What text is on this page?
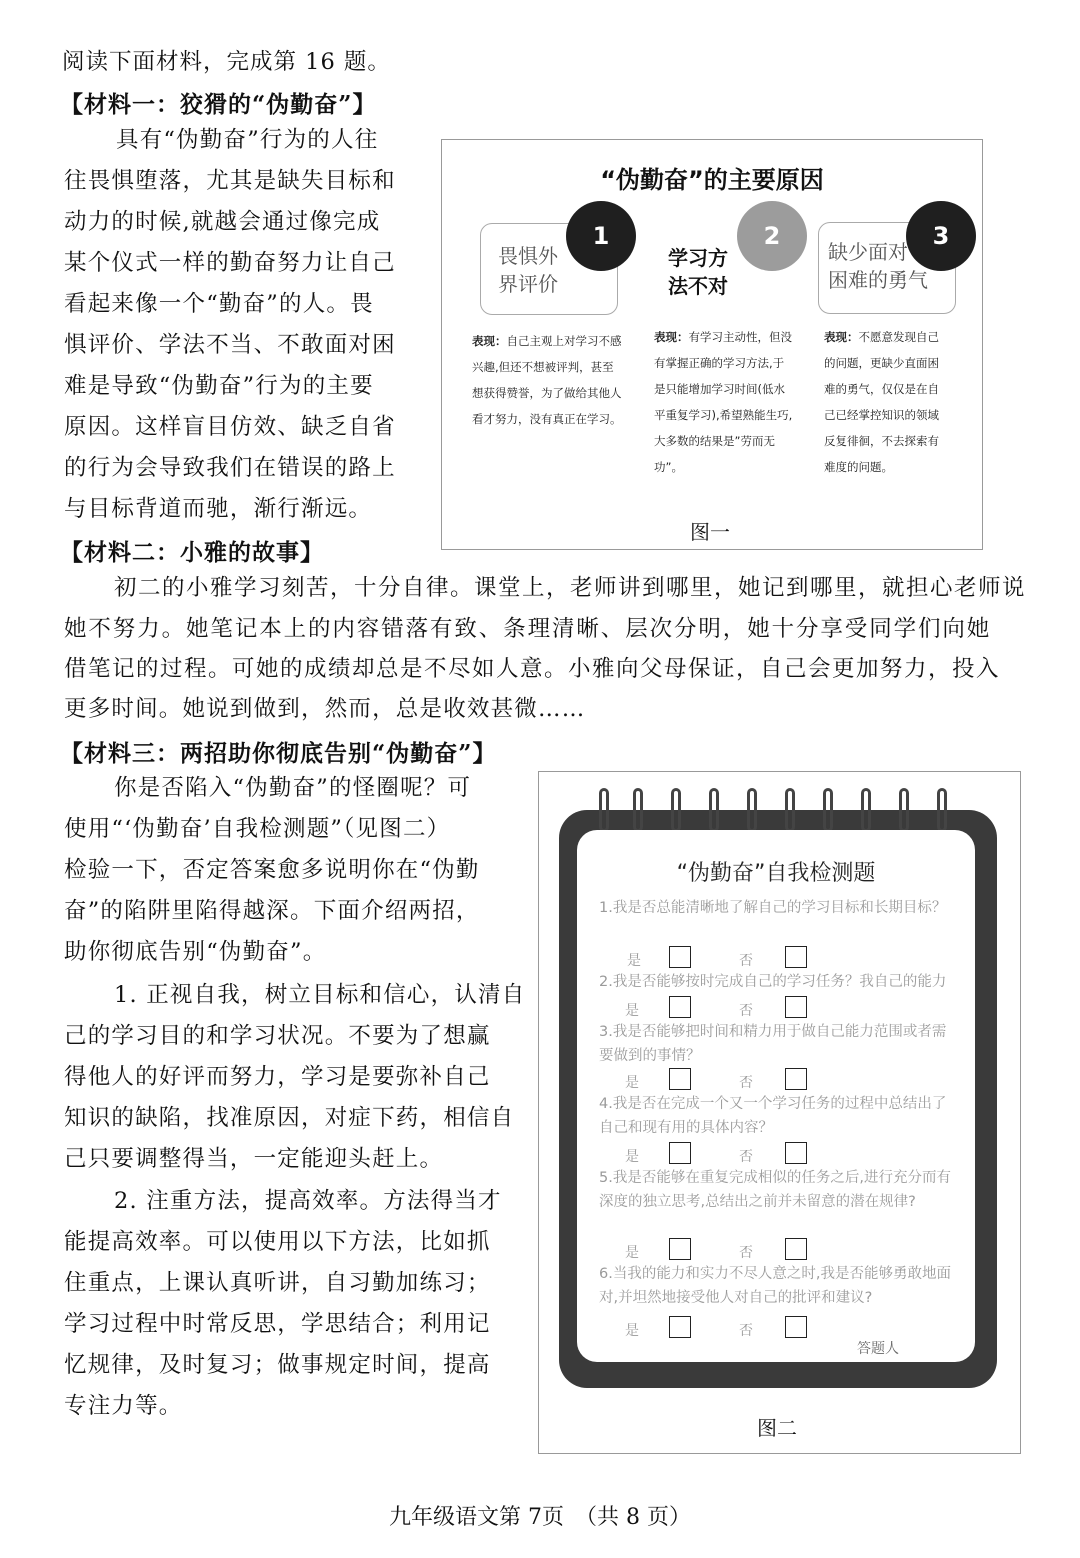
阅读下面材料，完成第 16 题。
【材料一：狡猾的“伪勤奋”】
具有“伪勤奋”行为的人往
往畏惧堕落，尤其是缺失目标和
动力的时候,就越会通过像完成
某个仪式一样的勤奋努力让自己
看起来像一个“勤奋”的人。畏
惧评价、学法不当、不敢面对困
难是导致“伪勤奋”行为的主要
原因。这样盲目仿效、缺乏自省
的行为会导致我们在错误的路上
与目标背道而驰，渐行渐远。
“伪勤奋”的主要原因
畏惧外
界评价
1
表现：自己主观上对学习不感兴趣,但还不想被评判，甚至想获得赞誉，为了做给其他人看才努力，没有真正在学习。
学习方
法不对
2
表现：有学习主动性，但没有掌握正确的学习方法,于是只能增加学习时间(低水平重复学习),希望熟能生巧,大多数的结果是”劳而无功”。
缺少面对
困难的勇气
3
表现：不愿意发现自己的问题，更缺少直面困难的勇气，仅仅是在自己已经掌控知识的领域反复徘徊，不去探索有难度的问题。
图一
【材料二：小雅的故事】
初二的小雅学习刻苦，十分自律。课堂上，老师讲到哪里，她记到哪里，就担心老师说
她不努力。她笔记本上的内容错落有致、条理清晰、层次分明，她十分享受同学们向她
借笔记的过程。可她的成绩却总是不尽如人意。小雅向父母保证，自己会更加努力，投入
更多时间。她说到做到，然而，总是收效甚微……
【材料三：两招助你彻底告别“伪勤奋”】
你是否陷入“伪勤奋”的怪圈呢？可
使用“‘伪勤奋’自我检测题”（见图二）
检验一下，否定答案愈多说明你在“伪勤
奋”的陷阱里陷得越深。下面介绍两招，
助你彻底告别“伪勤奋”。
1. 正视自我，树立目标和信心，认清自
己的学习目的和学习状况。不要为了想赢
得他人的好评而努力，学习是要弥补自己
知识的缺陷，找准原因，对症下药，相信自
己只要调整得当，一定能迎头赶上。
2. 注重方法，提高效率。方法得当才
能提高效率。可以使用以下方法，比如抓
住重点，上课认真听讲，自习勤加练习；
学习过程中时常反思，学思结合；利用记
忆规律，及时复习；做事规定时间，提高
专注力等。
“伪勤奋”自我检测题
1.我是否总能清晰地了解自己的学习目标和长期目标？
是	否
2.我是否能够按时完成自己的学习任务？我自己的能力
是	否
3.我是否能够把时间和精力用于做自己能力范围或者需要做到的事情？
是	否
4.我是否在完成一个又一个学习任务的过程中总结出了自己和现有用的具体内容？
是	否
5.我是否能够在重复完成相似的任务之后,进行充分而有深度的独立思考,总结出之前并未留意的潜在规律?
是	否
6.当我的能力和实力不尽人意之时,我是否能够勇敢地面对,并坦然地接受他人对自己的批评和建议?
是	否
答题人
图二
九年级语文第 7页　（共 8 页）
